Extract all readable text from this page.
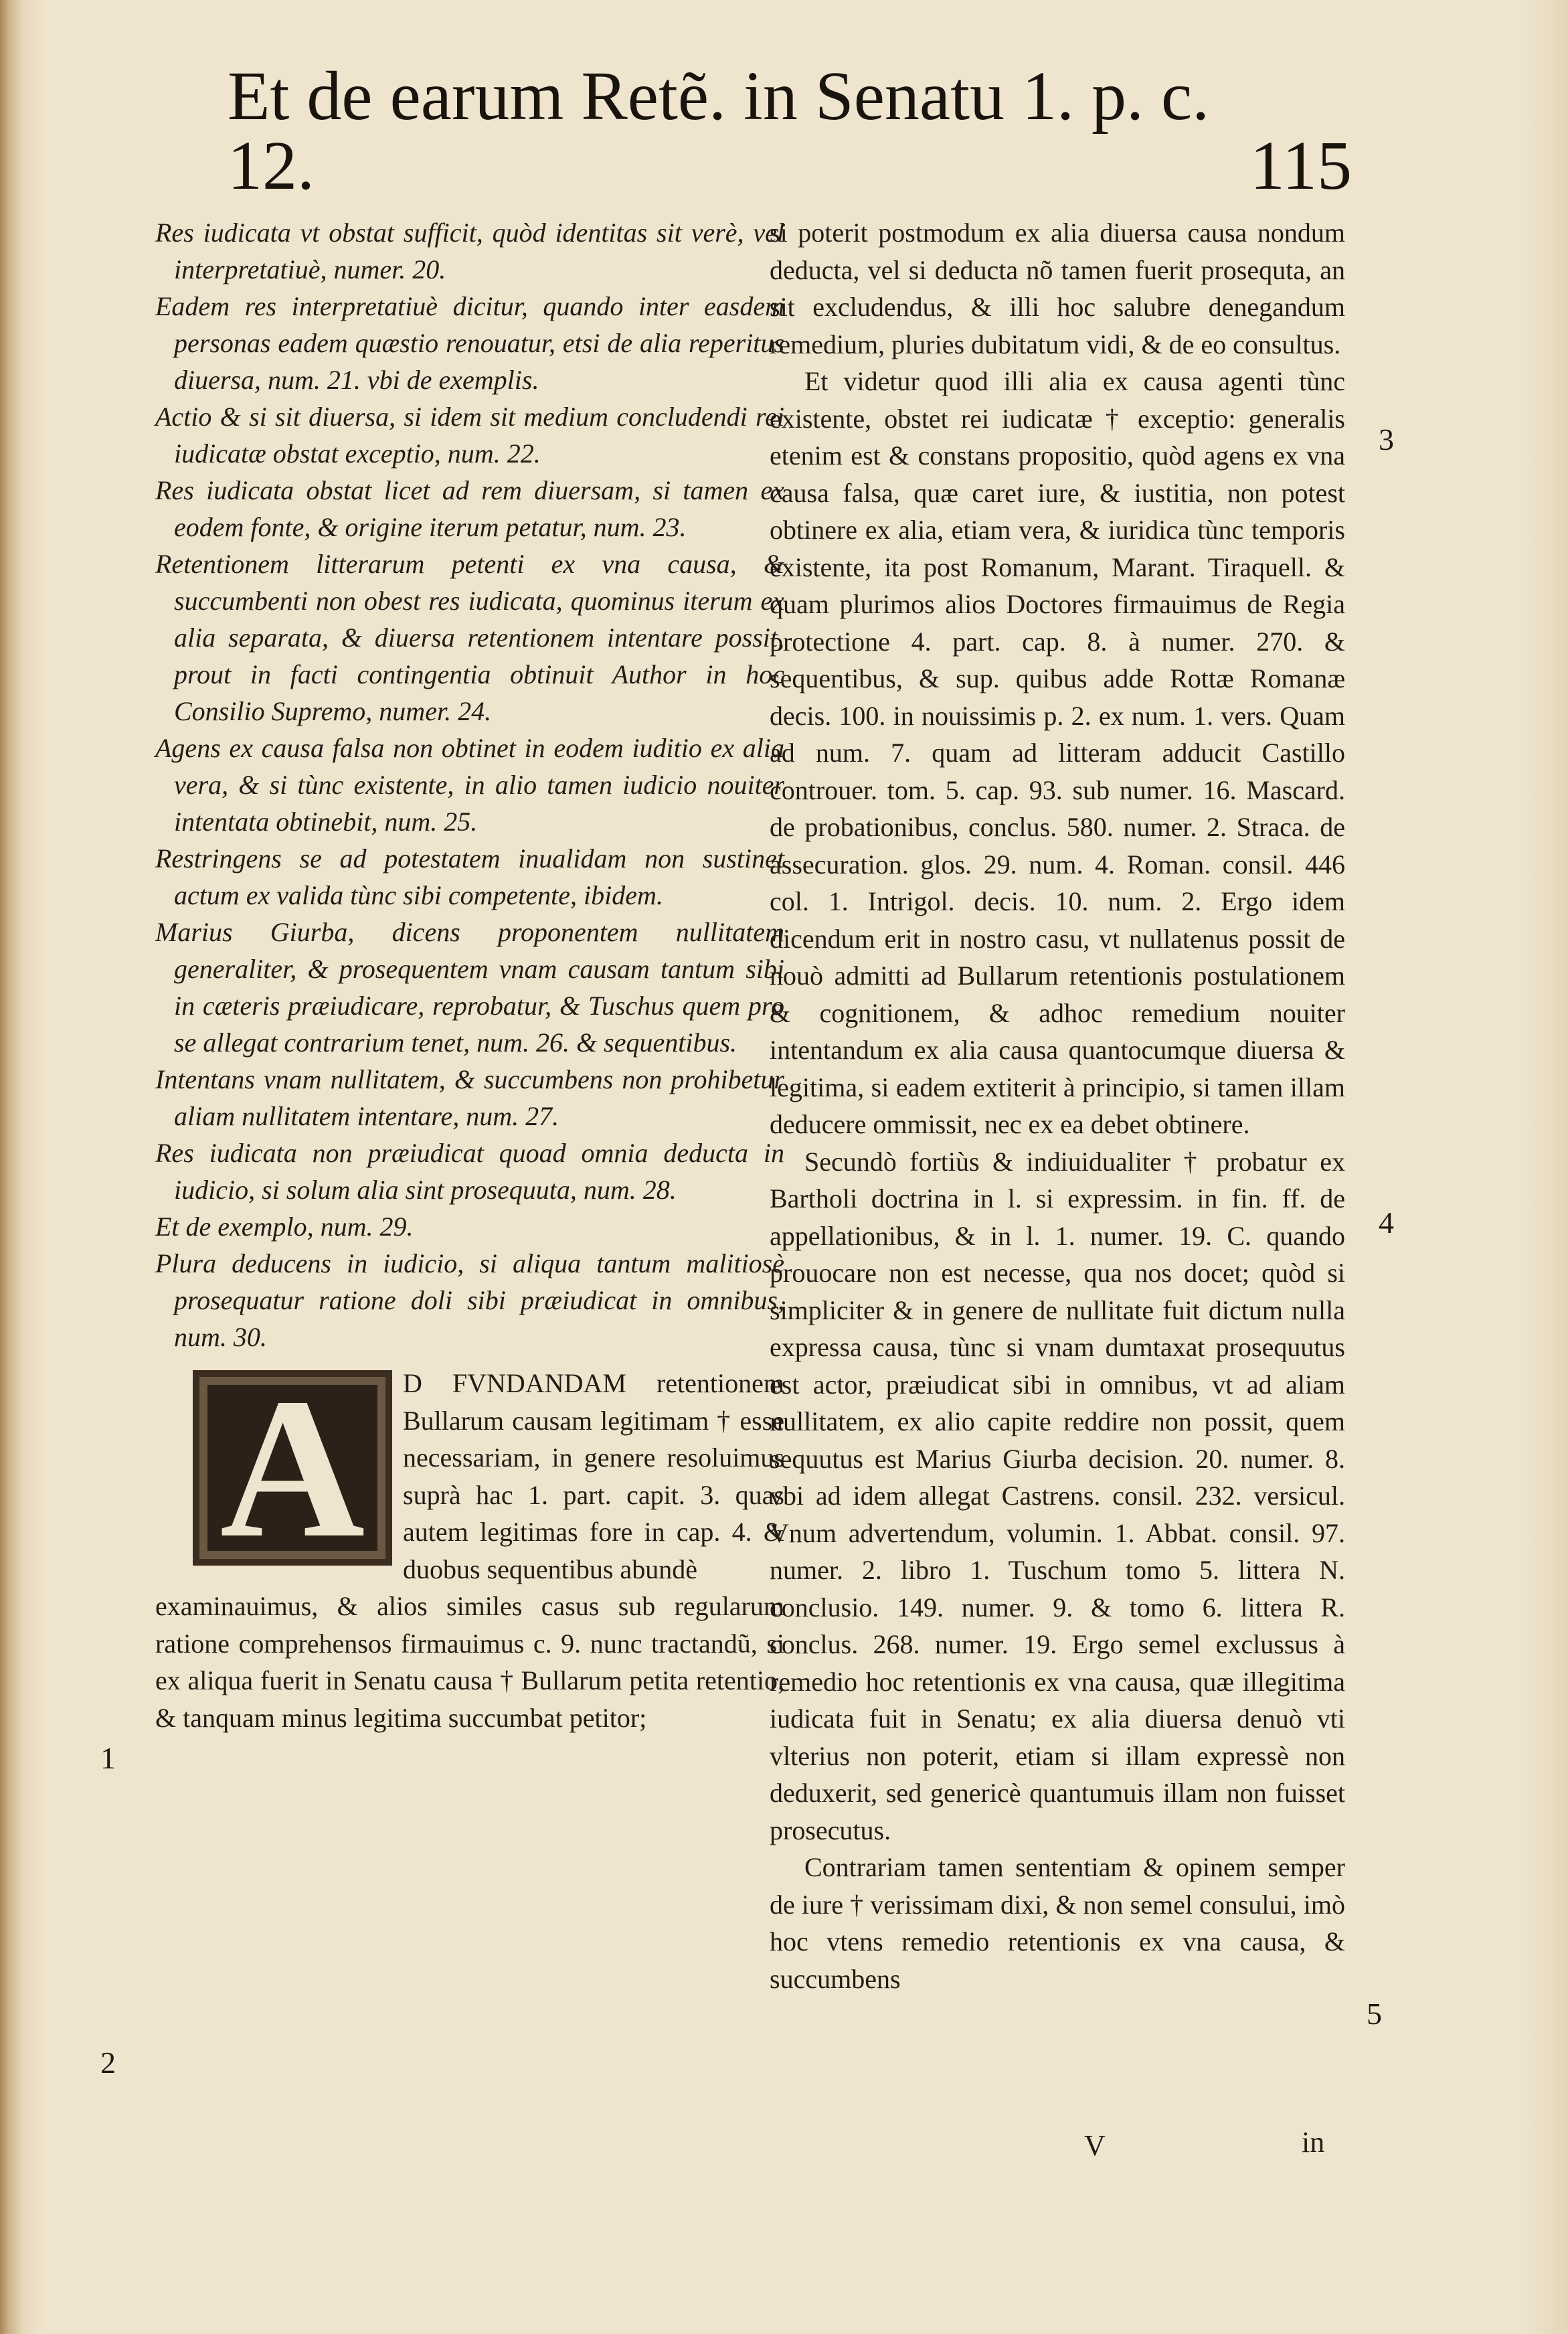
Et de earum Retẽ. in Senatu 1. p. c. 12.	115

Res iudicata vt obstat sufficit, quòd identitas sit verè, vel interpretatiuè, numer. 20.

Eadem res interpretatiuè dicitur, quando inter easdem personas eadem quæstio renouatur, etsi de alia reperitus diuersa, num. 21. vbi de exemplis.

Actio & si sit diuersa, si idem sit medium concludendi rei iudicatæ obstat exceptio, num. 22.

Res iudicata obstat licet ad rem diuersam, si tamen ex eodem fonte, & origine iterum petatur, num. 23.

Retentionem litterarum petenti ex vna causa, & succumbenti non obest res iudicata, quominus iterum ex alia separata, & diuersa retentionem intentare possit, prout in facti contingentia obtinuit Author in hoc Consilio Supremo, numer. 24.

Agens ex causa falsa non obtinet in eodem iuditio ex alia vera, & si tùnc existente, in alio tamen iudicio nouiter intentata obtinebit, num. 25.

Restringens se ad potestatem inualidam non sustinet actum ex valida tùnc sibi competente, ibidem.

Marius Giurba, dicens proponentem nullitatem generaliter, & prosequentem vnam causam tantum sibi in cæteris præiudicare, reprobatur, & Tuschus quem pro se allegat contrarium tenet, num. 26. & sequentibus.

Intentans vnam nullitatem, & succumbens non prohibetur aliam nullitatem intentare, num. 27.

Res iudicata non præiudicat quoad omnia deducta in iudicio, si solum alia sint prosequuta, num. 28.

Et de exemplo, num. 29.

Plura deducens in iudicio, si aliqua tantum malitiosè prosequatur ratione doli sibi præiudicat in omnibus, num. 30.

A D FVNDANDAM retentionem Bullarum causam legitimam † esse necessariam, in genere resoluimus suprà hac 1. part. capit. 3. quas autem legitimas fore in cap. 4. & duobus sequentibus abundè

examinauimus, & alios similes casus sub regularum ratione comprehensos firmauimus c. 9. nunc tractandũ, si ex aliqua fuerit in Senatu causa † Bullarum petita retentio, & tanquam minus legitima succumbat petitor;

si poterit postmodum ex alia diuersa causa nondum deducta, vel si deducta nõ tamen fuerit prosequta, an sit excludendus, & illi hoc salubre denegandum remedium, pluries dubitatum vidi, & de eo consultus.

Et videtur quod illi alia ex causa agenti tùnc existente, obstet rei iudicatæ † exceptio: generalis etenim est & constans propositio, quòd agens ex vna causa falsa, quæ caret iure, & iustitia, non potest obtinere ex alia, etiam vera, & iuridica tùnc temporis existente, ita post Romanum, Marant. Tiraquell. & quam plurimos alios Doctores firmauimus de Regia protectione 4. part. cap. 8. à numer. 270. & sequentibus, & sup. quibus adde Rottæ Romanæ decis. 100. in nouissimis p. 2. ex num. 1. vers. Quam ad num. 7. quam ad litteram adducit Castillo controuer. tom. 5. cap. 93. sub numer. 16. Mascard. de probationibus, conclus. 580. numer. 2. Straca. de assecuration. glos. 29. num. 4. Roman. consil. 446 col. 1. Intrigol. decis. 10. num. 2. Ergo idem dicendum erit in nostro casu, vt nullatenus possit de nouò admitti ad Bullarum retentionis postulationem & cognitionem, & adhoc remedium nouiter intentandum ex alia causa quantocumque diuersa & legitima, si eadem extiterit à principio, si tamen illam deducere ommissit, nec ex ea debet obtinere.

Secundò fortiùs & indiuidualiter † probatur ex Bartholi doctrina in l. si expressim. in fin. ff. de appellationibus, & in l. 1. numer. 19. C. quando prouocare non est necesse, qua nos docet; quòd si simpliciter & in genere de nullitate fuit dictum nulla expressa causa, tùnc si vnam dumtaxat prosequutus est actor, præiudicat sibi in omnibus, vt ad aliam nullitatem, ex alio capite reddire non possit, quem sequutus est Marius Giurba decision. 20. numer. 8. vbi ad idem allegat Castrens. consil. 232. versicul. Vnum advertendum, volumin. 1. Abbat. consil. 97. numer. 2. libro 1. Tuschum tomo 5. littera N. conclusio. 149. numer. 9. & tomo 6. littera R. conclus. 268. numer. 19. Ergo semel exclussus à remedio hoc retentionis ex vna causa, quæ illegitima iudicata fuit in Senatu; ex alia diuersa denuò vti vlterius non poterit, etiam si illam expressè non deduxerit, sed genericè quantumuis illam non fuisset prosecutus.

Contrariam tamen sententiam & opinem semper de iure † verissimam dixi, & non semel consului, imò hoc vtens remedio retentionis ex vna causa, & succumbens

1
2
3
4
5
V	in
